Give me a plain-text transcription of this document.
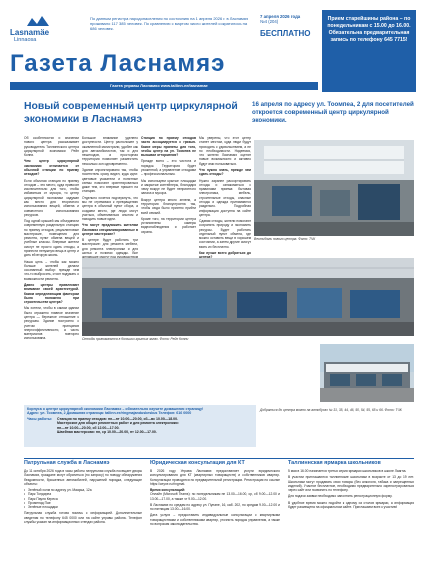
Lasnamäe
Linnaosa
По данным регистра народонаселения по состоянию на 1 апреля 2026 г. в Ласнамяэ проживало 117 385 человек. По сравнению с мартом число жителей сократилось на 686 человек.
7 апреля 2026 года
№4 (204)
БЕСПЛАТНО
Прием старейшины района – по понедельникам с 15.00 до 16.00. Обязательна предварительная запись по телефону 645 7715!
Газета Ласнамяэ
Газета управы Ласнамяэ www.tallinn.ee/lasnamae
Новый современный центр циркулярной экономики в Ласнамяэ
16 апреля по адресу ул. Тоомпеа, 2 для посетителей откроется современный центр циркулярной экономики.

Об особенностях и значении нового центра рассказывает руководитель Таллиннского центра циркулярной экономики Рейн Коппи.

Чем центр циркулярной экономики отличается от обычной станции по приему отходов?

Если обычная станция по приему отходов – это место, куда привозят исключительно для того, чтобы избавиться от мусора, то центр циркулярной экономики задуман как место для вторичного использования вещей, обмена и совместного использования ресурсов.

Под одной крышей мы объединили современную раздельную станцию по приему отходов, рециклинговые мастерские, помещения для ремонта, пункт обмена вещей и учебные классы. Впервые жители смогут не просто сдать отходы, а принести ненужную вещь в центр и дать ей вторую жизнь.

Наша цель – чтобы как можно больше жителей делали осознанный выбор: прежде чем что-то выбросить, стоит подумать о возможности ремонта.

Давно центры привлекают внимание своей архитектурой. Каким определяющим фактором было положено при строительстве центра?

Мы хотели, чтобы в самом здании было отражено главное значение центра — бережное отношение к ресурсам. Здание построено с учетом принципов энергоэффективности, а часть материалов повторно использована.

Большое внимание уделено доступности. Центр расположен у оживленной магистрали, удобен как для автомобилистов, так и для пешеходов, а просторная территория позволяет разместить несколько зон одновременно.

Здание спроектировано так, чтобы посетитель сразу видел, куда идти: цветовые указатели и понятные схемы помогают ориентироваться даже тем, кто впервые пришел на станцию.

Отдельно хочется подчеркнуть, что мы не стремимся к превращению центра в обычный пункт сбора, а создаем место, где люди могут учиться, обмениваться опытом и находить новые идеи.

Что могут предложить жителям Ласнамяэ специализированные в центре мастерские?

В центре будут работать три мастерские: для ремонта мебели, для ремонта электроники и для шитья и починки одежды. Все

Станция по приему отходов часто ассоциируется с грязью. Какие меры приняты для того, чтобы центр на ул. Тоомпеа не вызывал отторжения?

Прежде всего – это чистота и порядок. Территория будет ухоженной, а управление отходами – профессиональным.

Мы используем крытые площадки и закрытые контейнеры, благодаря чему вокруг не будет неприятного запаха и мусора.

Вокруг центра много зелени, а территория благоустроена так, чтобы сюда было приятно прийти всей семьей.

Кроме того, на территории центра установлены камеры видеонаблюдения и работает охрана.

Мы уверены, что этот центр станет местом, куда люди будут приходить с удовольствием, а не по необходимости. Надеемся, что жители Ласнамяэ оценят новые возможности и активно будут ими пользоваться.

Что нужно знать, прежде чем сдать отходы?

Нужно заранее рассортировать отходы и ознакомиться с правилами приема: бытовая электроника, мебель, строительные отходы, опасные отходы и одежда принимаются раздельно. Подробная информация доступна на сайте центра.

Сдавая отходы, жители помогают сохранять природу и экономить ресурсы. Будет работать отдельный пункт обмена, где можно оставить вещи в хорошем состоянии, а затем другие смогут взять их бесплатно.

Как лучше всего добраться до

Вестибюль нового центра. Фото: ТЧК
Отходы принимаются в больших крытых залах. Фото: Рейн Коппи
Добраться до центра можно на автобусах № 31, 35, 44, 46, 50, 54, 55, 65 и 66. Фото: ТЧК
Корпуса о центре циркулярной экономики Ласнамяэ – обязательно изучите домашнюю страницу!
Адрес: ул. Тоомпеа, 2 Домашняя страница: tallinn.ee/ringmajanduskeskus Телефон: 616 0000
Часы работы:	Станция по приему отходов: пн—пт 10.00—20.00, сб—вс 10.00—18.00.
Мастерские для общих ремонтных работ и для ремонта электроники:
пн—пт 10.00—20.00, сб 12.00—17.00.
Швейная мастерская: пн, ср 10.00—20.00, пт 12.00—17.00.
Патрульная служба в Ласнамяэ

До 11 октября 2026 года в часы работы патрульная служба посещает дворы Ласнамяэ, граждане могут обратиться (по запросу) по поводу обнаружения бездомности, брошенных автомобилей, нарушений порядка, следующие объекты:

• Зелёный холм по адресу ул. Маарьа, 12а
• Парк Тондиреа
• Парк Пауля Кереса
• Променад Пае
• Зелёные площадки

Патрульная служба готова помочь с информацией. Дополнительные сведения по телефону 645 0000 или на сайте управы района. Телефон службы указан на информационных стендах района.

Юридическая консультация для КТ

В 2026 году Управа Ласнамяэ предоставляет услуги юридического консультирования для КТ (квартирных товариществ) и собственников квартир. Консультации проводятся по предварительной регистрации. Регистрация по ссылке https://ceyxe.ru/ringmat.

Время консультаций:

Онлайн (Microsoft Teams): по понедельникам пн 13.00—16.00, ср, сб 9.00—12.00 и 13.00—17.00, а также чт 9.00—12.00.

В Ласнамяэ по средам по адресу ул. Пунане, 16, каб. 202, по средам 9.00—12.00 и по пятницам 13.00—16.00.

Дата услуги – предоставить индивидуальные консультации с квартирными товариществами и собственниками квартир, уточнить порядок управления, а также по вопросам законодательства.

Таллиннская ярмарка школьников

5 мая в 16.00 начинается третья серия ярмарки школьников в школе Лаагна.

В участии приглашаются таллиннские школьники в возрасте от 13 до 19 лет. Школьники могут продавать свои товары (без алкоголя, табака и запрещенных изделий). Участие бесплатное, необходимо предварительно зарегистрироваться через сайт или позвонить по телефону.

Для подачи заявки необходимо заполнить регистрационную форму.

В удобное время можно подойти к одному из столов ярмарки, а информация будет размещена на официальном сайте. Приглашаем всех к участию!
